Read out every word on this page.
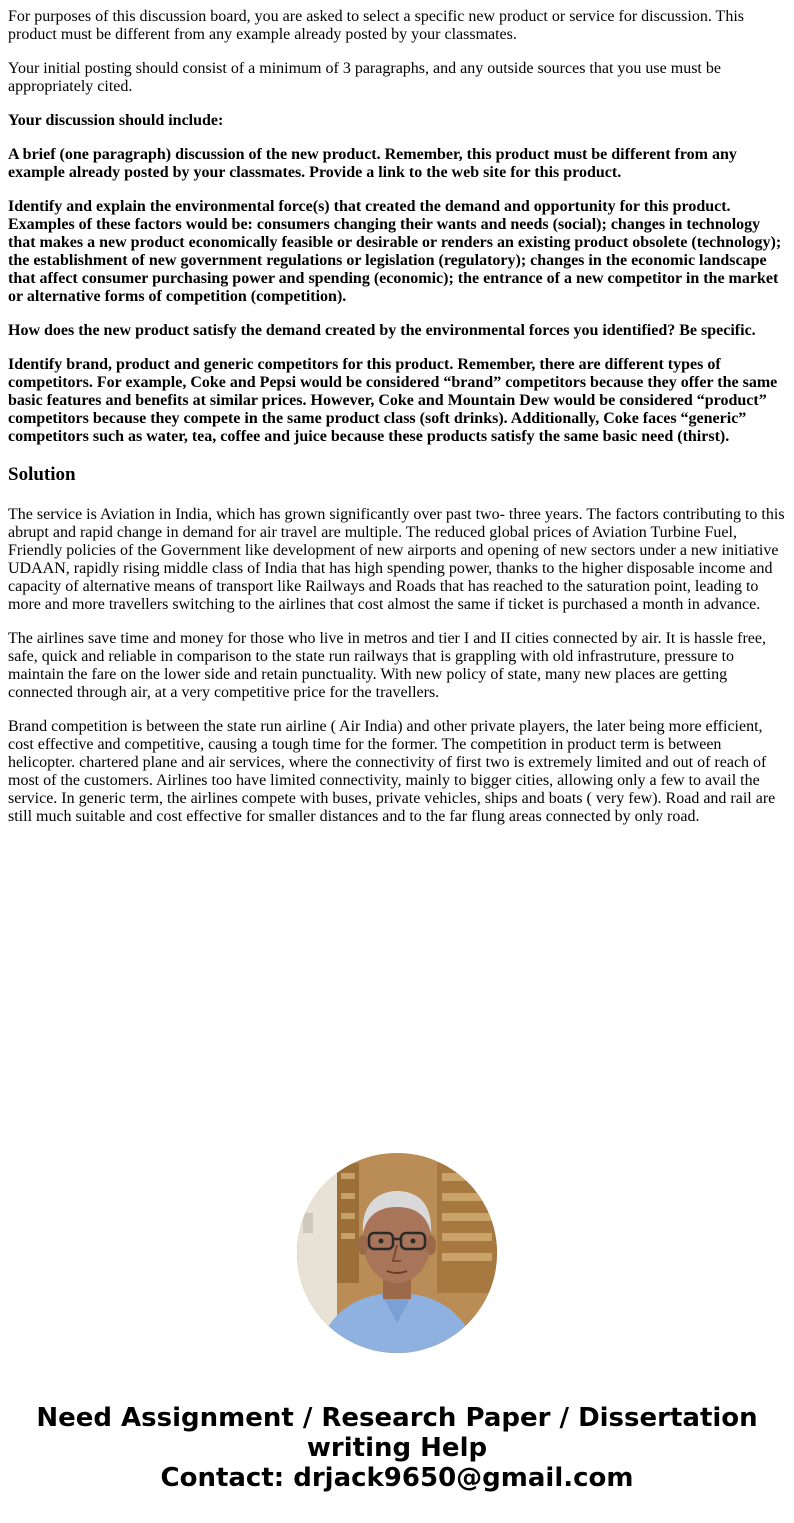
For purposes of this discussion board, you are asked to select a specific new product or service for discussion. This product must be different from any example already posted by your classmates.

Your initial posting should consist of a minimum of 3 paragraphs, and any outside sources that you use must be appropriately cited.

Your discussion should include:

A brief (one paragraph) discussion of the new product. Remember, this product must be different from any example already posted by your classmates. Provide a link to the web site for this product.

Identify and explain the environmental force(s) that created the demand and opportunity for this product. Examples of these factors would be: consumers changing their wants and needs (social); changes in technology that makes a new product economically feasible or desirable or renders an existing product obsolete (technology); the establishment of new government regulations or legislation (regulatory); changes in the economic landscape that affect consumer purchasing power and spending (economic); the entrance of a new competitor in the market or alternative forms of competition (competition).

How does the new product satisfy the demand created by the environmental forces you identified? Be specific.

Identify brand, product and generic competitors for this product. Remember, there are different types of competitors. For example, Coke and Pepsi would be considered “brand” competitors because they offer the same basic features and benefits at similar prices. However, Coke and Mountain Dew would be considered “product” competitors because they compete in the same product class (soft drinks). Additionally, Coke faces “generic” competitors such as water, tea, coffee and juice because these products satisfy the same basic need (thirst).

Solution

The service is Aviation in India, which has grown significantly over past two- three years. The factors contributing to this abrupt and rapid change in demand for air travel are multiple. The reduced global prices of Aviation Turbine Fuel, Friendly policies of the Government like development of new airports and opening of new sectors under a new initiative UDAAN, rapidly rising middle class of India that has high spending power, thanks to the higher disposable income and capacity of alternative means of transport like Railways and Roads that has reached to the saturation point, leading to more and more travellers switching to the airlines that cost almost the same if ticket is purchased a month in advance.

The airlines save time and money for those who live in metros and tier I and II cities connected by air. It is hassle free, safe, quick and reliable in comparison to the state run railways that is grappling with old infrastruture, pressure to maintain the fare on the lower side and retain punctuality. With new policy of state, many new places are getting connected through air, at a very competitive price for the travellers.

Brand competition is between the state run airline ( Air India) and other private players, the later being more efficient, cost effective and competitive, causing a tough time for the former. The competition in product term is between helicopter. chartered plane and air services, where the connectivity of first two is extremely limited and out of reach of most of the customers. Airlines too have limited connectivity, mainly to bigger cities, allowing only a few to avail the service. In generic term, the airlines compete with buses, private vehicles, ships and boats ( very few). Road and rail are still much suitable and cost effective for smaller distances and to the far flung areas connected by only road.

Need Assignment / Research Paper / Dissertation
writing Help
Contact: drjack9650@gmail.com
